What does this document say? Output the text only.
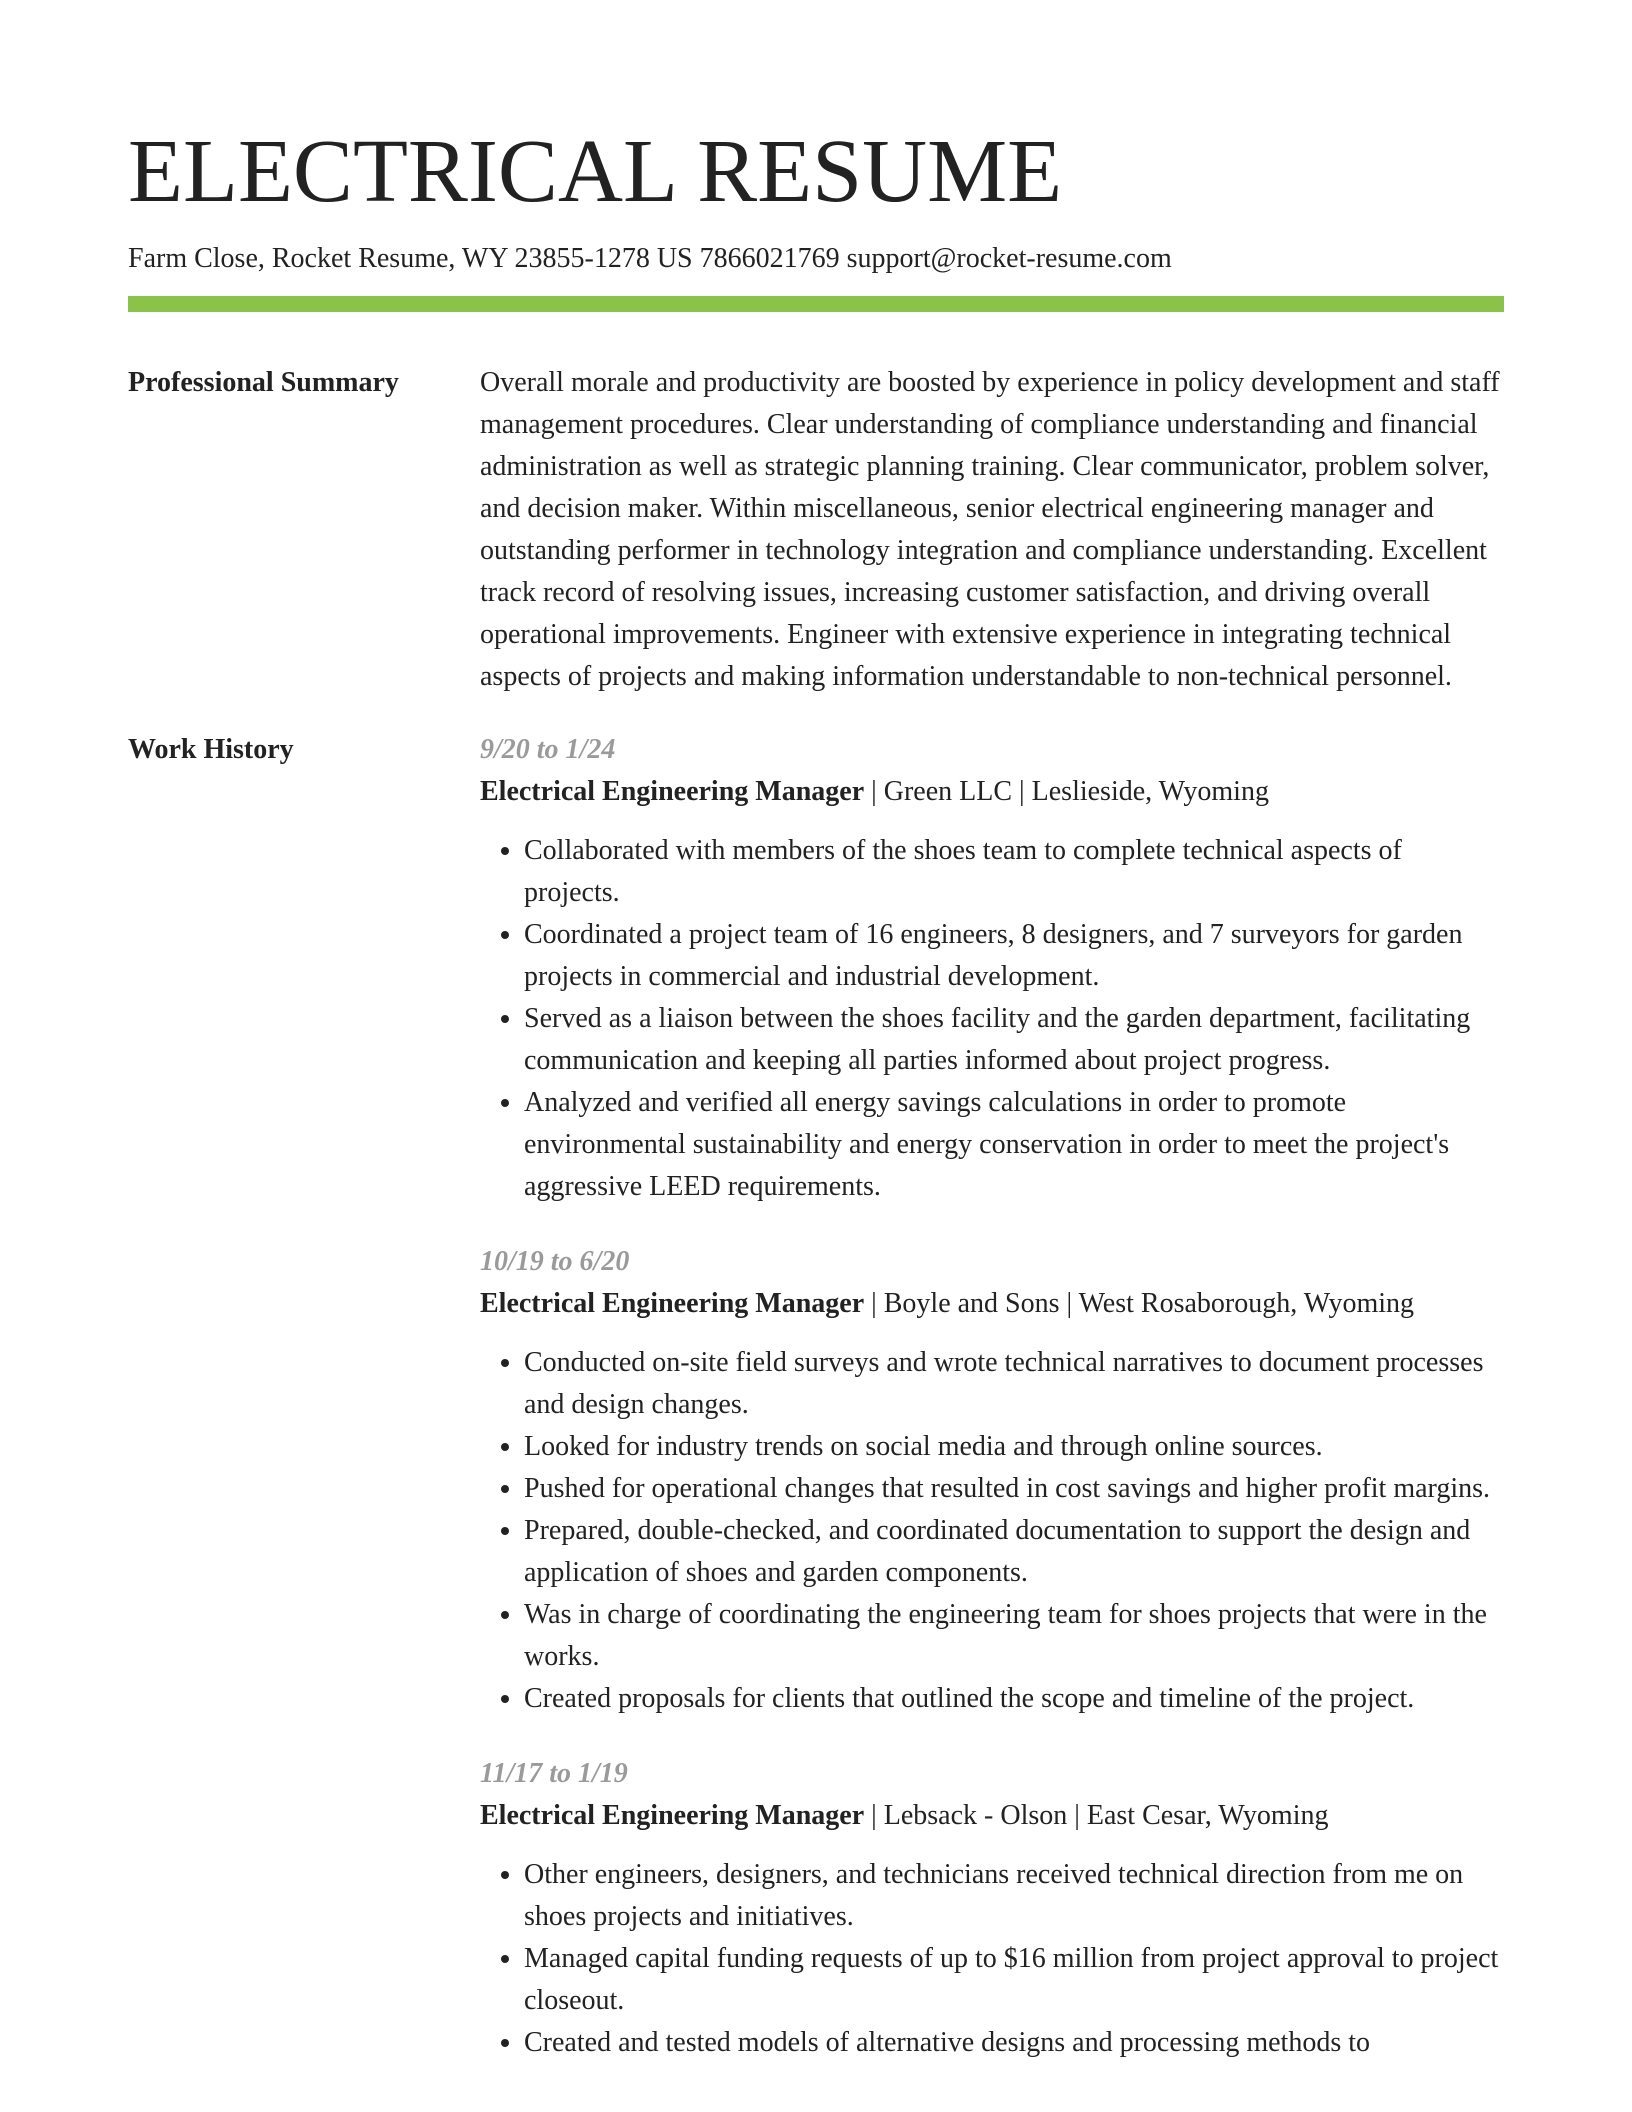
ELECTRICAL RESUME
Farm Close, Rocket Resume, WY 23855-1278 US 7866021769 support@rocket-resume.com
Professional Summary	Overall morale and productivity are boosted by experience in policy development and staff management procedures. Clear understanding of compliance understanding and financial administration as well as strategic planning training. Clear communicator, problem solver, and decision maker. Within miscellaneous, senior electrical engineering manager and outstanding performer in technology integration and compliance understanding. Excellent track record of resolving issues, increasing customer satisfaction, and driving overall operational improvements. Engineer with extensive experience in integrating technical aspects of projects and making information understandable to non-technical personnel.

Work History	9/20 to 1/24
Electrical Engineering Manager | Green LLC | Leslieside, Wyoming
• Collaborated with members of the shoes team to complete technical aspects of projects.
• Coordinated a project team of 16 engineers, 8 designers, and 7 surveyors for garden projects in commercial and industrial development.
• Served as a liaison between the shoes facility and the garden department, facilitating communication and keeping all parties informed about project progress.
• Analyzed and verified all energy savings calculations in order to promote environmental sustainability and energy conservation in order to meet the project's aggressive LEED requirements.
10/19 to 6/20
Electrical Engineering Manager | Boyle and Sons | West Rosaborough, Wyoming
• Conducted on-site field surveys and wrote technical narratives to document processes and design changes.
• Looked for industry trends on social media and through online sources.
• Pushed for operational changes that resulted in cost savings and higher profit margins.
• Prepared, double-checked, and coordinated documentation to support the design and application of shoes and garden components.
• Was in charge of coordinating the engineering team for shoes projects that were in the works.
• Created proposals for clients that outlined the scope and timeline of the project.
11/17 to 1/19
Electrical Engineering Manager | Lebsack - Olson | East Cesar, Wyoming
• Other engineers, designers, and technicians received technical direction from me on shoes projects and initiatives.
• Managed capital funding requests of up to $16 million from project approval to project closeout.
• Created and tested models of alternative designs and processing methods to
